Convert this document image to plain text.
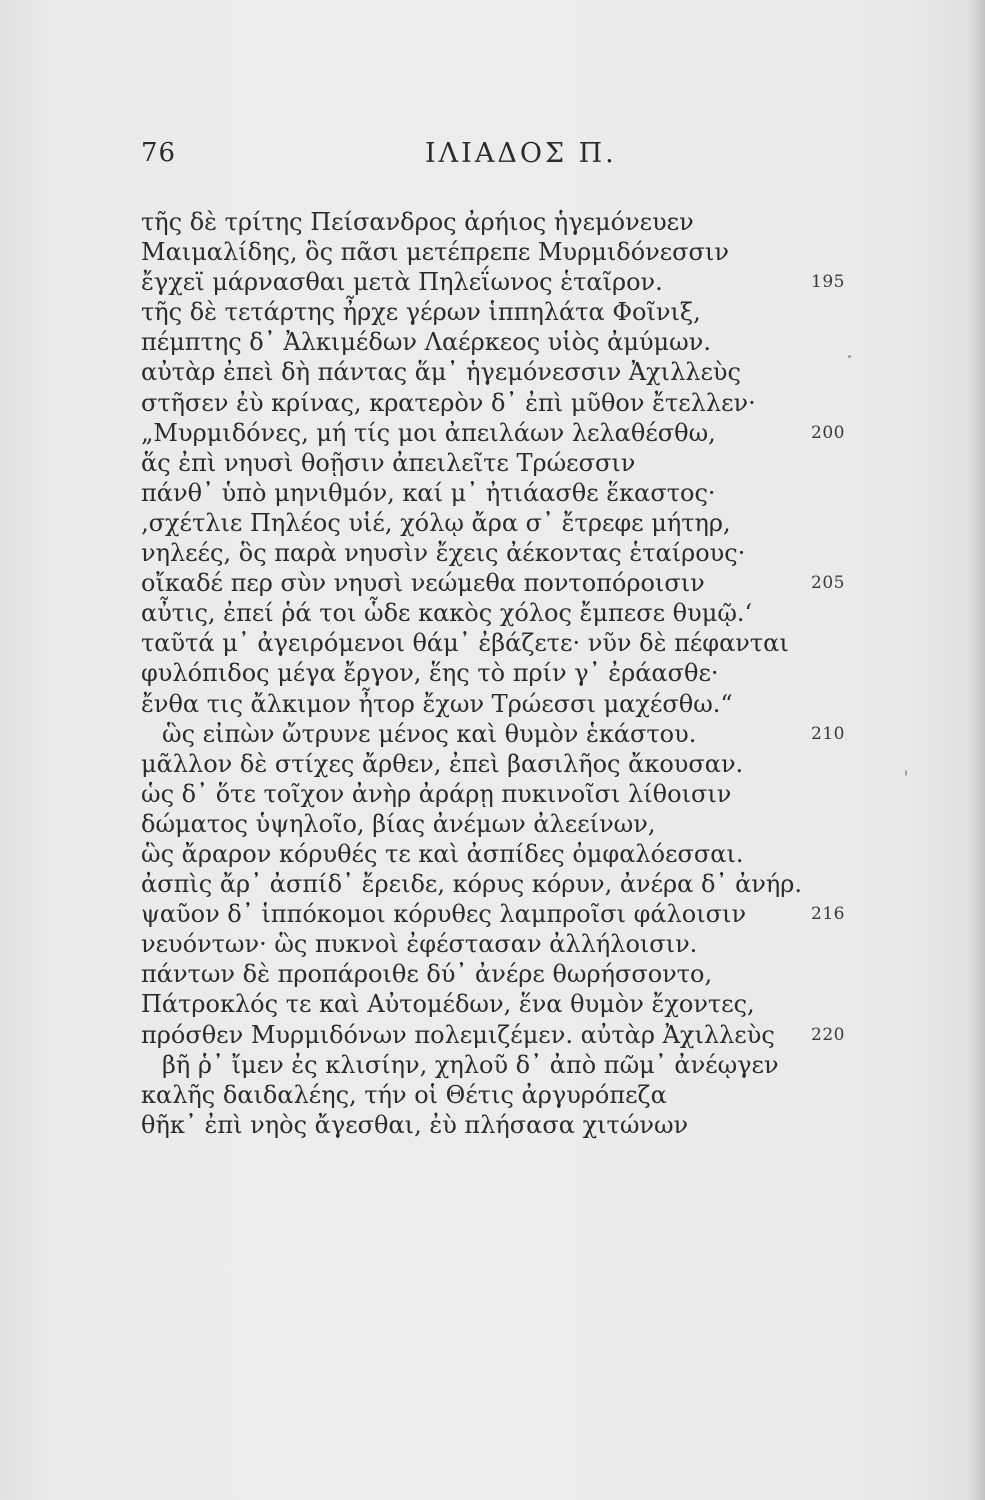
76	ΙΛΙΑΔΟΣ Π.
τῆς δὲ τρίτης Πείσανδρος ἀρήιος ἡγεμόνευεν
Μαιμαλίδης, ὃς πᾶσι μετέπρεπε Μυρμιδόνεσσιν
ἔγχεϊ μάρνασθαι μετὰ Πηλεΐωνος ἑταῖρον.	195
τῆς δὲ τετάρτης ἦρχε γέρων ἱππηλάτα Φοῖνιξ,
πέμπτης δ᾽ Ἀλκιμέδων Λαέρκεος υἱὸς ἀμύμων.
αὐτὰρ ἐπεὶ δὴ πάντας ἅμ᾽ ἡγεμόνεσσιν Ἀχιλλεὺς
στῆσεν ἐὺ κρίνας, κρατερὸν δ᾽ ἐπὶ μῦθον ἔτελλεν·
„Μυρμιδόνες, μή τίς μοι ἀπειλάων λελαθέσθω,	200
ἅς ἐπὶ νηυσὶ θοῇσιν ἀπειλεῖτε Τρώεσσιν
πάνθ᾽ ὑπὸ μηνιθμόν, καί μ᾽ ἠτιάασθε ἕκαστος·
‚σχέτλιε Πηλέος υἱέ, χόλῳ ἄρα σ᾽ ἔτρεφε μήτηρ,
νηλεές, ὃς παρὰ νηυσὶν ἔχεις ἀέκοντας ἑταίρους·
οἴκαδέ περ σὺν νηυσὶ νεώμεθα ποντοπόροισιν	205
αὖτις, ἐπεί ῥά τοι ὧδε κακὸς χόλος ἔμπεσε θυμῷ.‘
ταῦτά μ᾽ ἀγειρόμενοι θάμ᾽ ἐβάζετε· νῦν δὲ πέφανται
φυλόπιδος μέγα ἔργον, ἕης τὸ πρίν γ᾽ ἐράασθε·
ἔνθα τις ἄλκιμον ἦτορ ἔχων Τρώεσσι μαχέσθω.“
ὣς εἰπὼν ὤτρυνε μένος καὶ θυμὸν ἑκάστου.	210
μᾶλλον δὲ στίχες ἄρθεν, ἐπεὶ βασιλῆος ἄκουσαν.
ὡς δ᾽ ὅτε τοῖχον ἀνὴρ ἀράρῃ πυκινοῖσι λίθοισιν
δώματος ὑψηλοῖο, βίας ἀνέμων ἀλεείνων,
ὣς ἄραρον κόρυθές τε καὶ ἀσπίδες ὀμφαλόεσσαι.
ἀσπὶς ἄρ᾽ ἀσπίδ᾽ ἔρειδε, κόρυς κόρυν, ἀνέρα δ᾽ ἀνήρ.
ψαῦον δ᾽ ἱππόκομοι κόρυθες λαμπροῖσι φάλοισιν	216
νευόντων· ὣς πυκνοὶ ἐφέστασαν ἀλλήλοισιν.
πάντων δὲ προπάροιθε δύ᾽ ἀνέρε θωρήσσοντο,
Πάτροκλός τε καὶ Αὐτομέδων, ἕνα θυμὸν ἔχοντες,
πρόσθεν Μυρμιδόνων πολεμιζέμεν. αὐτὰρ Ἀχιλλεὺς 220
βῆ ῥ᾽ ἴμεν ἐς κλισίην, χηλοῦ δ᾽ ἀπὸ πῶμ᾽ ἀνέῳγεν
καλῆς δαιδαλέης, τήν οἱ Θέτις ἀργυρόπεζα
θῆκ᾽ ἐπὶ νηὸς ἄγεσθαι, ἐὺ πλήσασα χιτώνων
